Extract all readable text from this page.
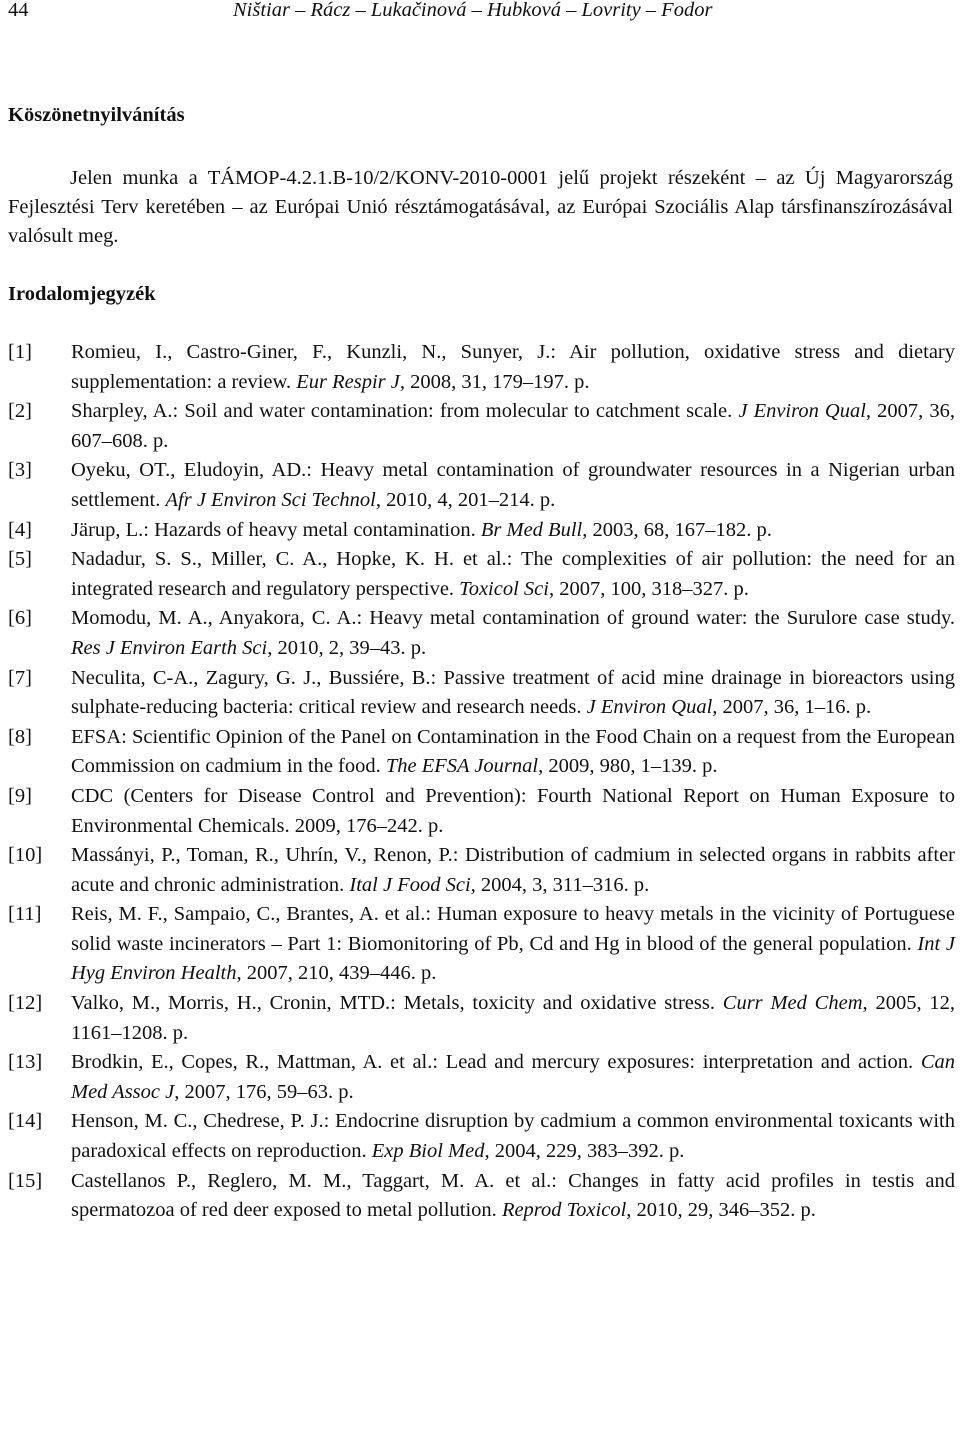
44	Ništiar – Rácz – Lukačinová – Hubková – Lovrity – Fodor
Köszönetnyilvánítás

Jelen munka a TÁMOP-4.2.1.B-10/2/KONV-2010-0001 jelű projekt részeként – az Új Magyarország Fejlesztési Terv keretében – az Európai Unió résztámogatásával, az Európai Szociális Alap társfinanszírozásával valósult meg.

Irodalomjegyzék
[1] Romieu, I., Castro-Giner, F., Kunzli, N., Sunyer, J.: Air pollution, oxidative stress and dietary supplementation: a review. Eur Respir J, 2008, 31, 179–197. p.
[2] Sharpley, A.: Soil and water contamination: from molecular to catchment scale. J Environ Qual, 2007, 36, 607–608. p.
[3] Oyeku, OT., Eludoyin, AD.: Heavy metal contamination of groundwater resources in a Nigerian urban settlement. Afr J Environ Sci Technol, 2010, 4, 201–214. p.
[4] Järup, L.: Hazards of heavy metal contamination. Br Med Bull, 2003, 68, 167–182. p.
[5] Nadadur, S. S., Miller, C. A., Hopke, K. H. et al.: The complexities of air pollution: the need for an integrated research and regulatory perspective. Toxicol Sci, 2007, 100, 318–327. p.
[6] Momodu, M. A., Anyakora, C. A.: Heavy metal contamination of ground water: the Surulore case study. Res J Environ Earth Sci, 2010, 2, 39–43. p.
[7] Neculita, C-A., Zagury, G. J., Bussiére, B.: Passive treatment of acid mine drainage in bioreactors using sulphate-reducing bacteria: critical review and research needs. J Environ Qual, 2007, 36, 1–16. p.
[8] EFSA: Scientific Opinion of the Panel on Contamination in the Food Chain on a request from the European Commission on cadmium in the food. The EFSA Journal, 2009, 980, 1–139. p.
[9] CDC (Centers for Disease Control and Prevention): Fourth National Report on Human Exposure to Environmental Chemicals. 2009, 176–242. p.
[10] Massányi, P., Toman, R., Uhrín, V., Renon, P.: Distribution of cadmium in selected organs in rabbits after acute and chronic administration. Ital J Food Sci, 2004, 3, 311–316. p.
[11] Reis, M. F., Sampaio, C., Brantes, A. et al.: Human exposure to heavy metals in the vicinity of Portuguese solid waste incinerators – Part 1: Biomonitoring of Pb, Cd and Hg in blood of the general population. Int J Hyg Environ Health, 2007, 210, 439–446. p.
[12] Valko, M., Morris, H., Cronin, MTD.: Metals, toxicity and oxidative stress. Curr Med Chem, 2005, 12, 1161–1208. p.
[13] Brodkin, E., Copes, R., Mattman, A. et al.: Lead and mercury exposures: interpretation and action. Can Med Assoc J, 2007, 176, 59–63. p.
[14] Henson, M. C., Chedrese, P. J.: Endocrine disruption by cadmium a common environmental toxicants with paradoxical effects on reproduction. Exp Biol Med, 2004, 229, 383–392. p.
[15] Castellanos P., Reglero, M. M., Taggart, M. A. et al.: Changes in fatty acid profiles in testis and spermatozoa of red deer exposed to metal pollution. Reprod Toxicol, 2010, 29, 346–352. p.
